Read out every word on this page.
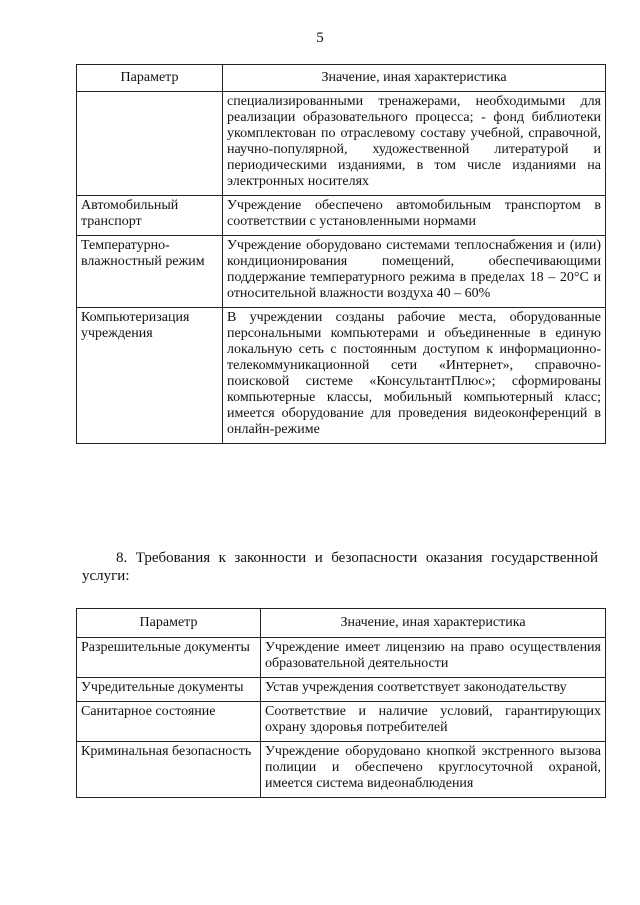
5
Параметр	Значение, иная характеристика
	специализированными тренажерами, необходимыми для реализации образовательного процесса; - фонд библиотеки укомплектован по отраслевому составу учебной, справочной, научно-популярной, художественной литературой и периодическими изданиями, в том числе изданиями на электронных носителях
Автомобильный транспорт	Учреждение обеспечено автомобильным транспортом в соответствии с установленными нормами
Температурно-влажностный режим	Учреждение оборудовано системами теплоснабжения и (или) кондиционирования помещений, обеспечивающими поддержание температурного режима в пределах 18 – 20°С и относительной влажности воздуха 40 – 60%
Компьютеризация учреждения	В учреждении созданы рабочие места, оборудованные персональными компьютерами и объединенные в единую локальную сеть с постоянным доступом к информационно-телекоммуникационной сети «Интернет», справочно-поисковой системе «КонсультантПлюс»; сформированы компьютерные классы, мобильный компьютерный класс; имеется оборудование для проведения видеоконференций в онлайн-режиме
8. Требования к законности и безопасности оказания государственной услуги:
Параметр	Значение, иная характеристика
Разрешительные документы	Учреждение имеет лицензию на право осуществления образовательной деятельности
Учредительные документы	Устав учреждения соответствует законодательству
Санитарное состояние	Соответствие и наличие условий, гарантирующих охрану здоровья потребителей
Криминальная безопасность	Учреждение оборудовано кнопкой экстренного вызова полиции и обеспечено круглосуточной охраной, имеется система видеонаблюдения
